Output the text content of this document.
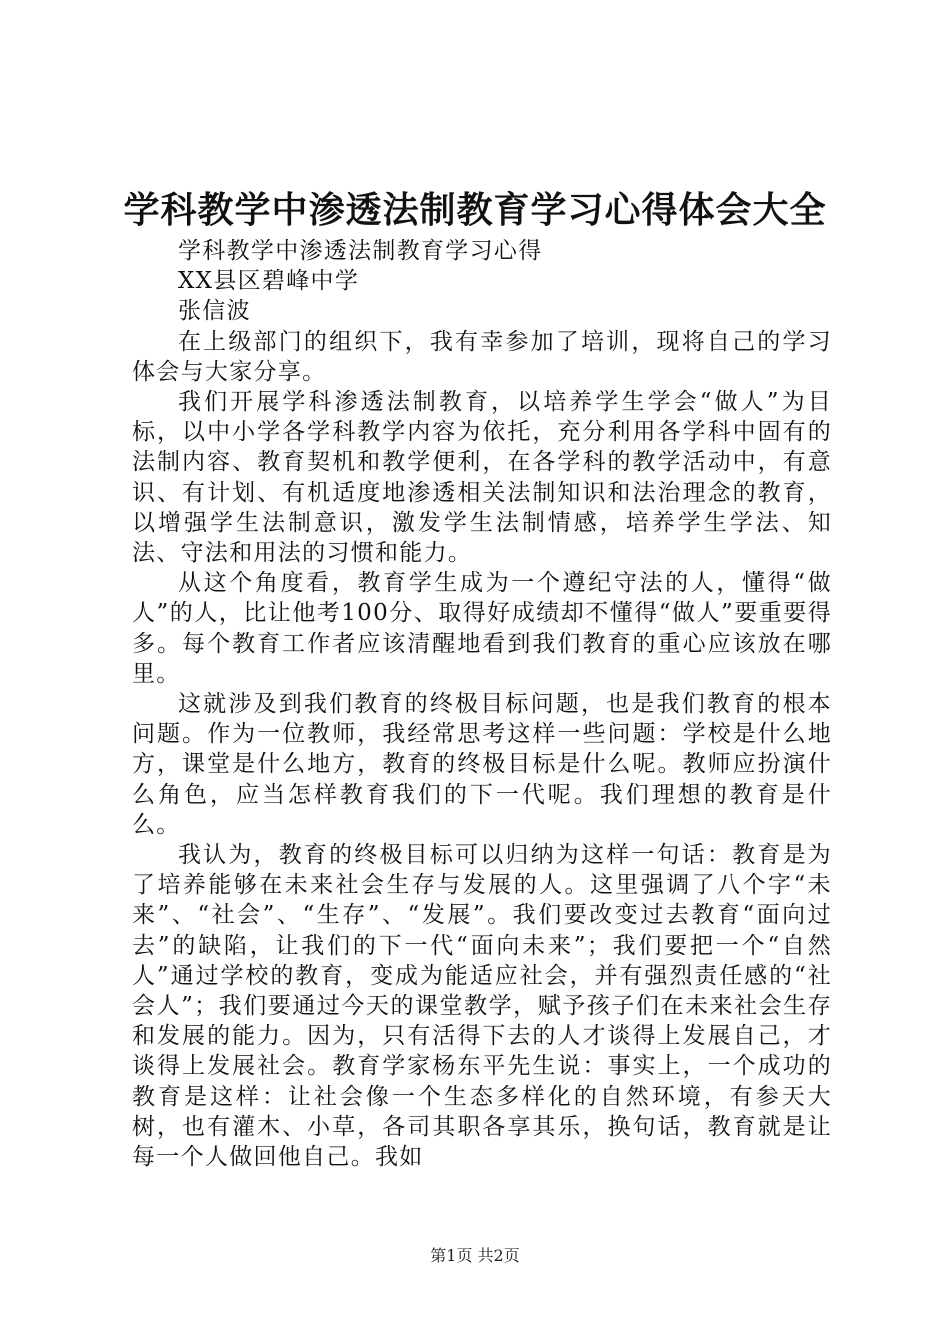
学科教学中渗透法制教育学习心得体会大全

学科教学中渗透法制教育学习心得

XX县区碧峰中学

张信波

在上级部门的组织下，我有幸参加了培训，现将自己的学习体会与大家分享。

我们开展学科渗透法制教育，以培养学生学会“做人”为目标，以中小学各学科教学内容为依托，充分利用各学科中固有的法制内容、教育契机和教学便利，在各学科的教学活动中，有意识、有计划、有机适度地渗透相关法制知识和法治理念的教育，以增强学生法制意识，激发学生法制情感，培养学生学法、知法、守法和用法的习惯和能力。

从这个角度看，教育学生成为一个遵纪守法的人，懂得“做人”的人，比让他考100分、取得好成绩却不懂得“做人”要重要得多。每个教育工作者应该清醒地看到我们教育的重心应该放在哪里。

这就涉及到我们教育的终极目标问题，也是我们教育的根本问题。作为一位教师，我经常思考这样一些问题：学校是什么地方，课堂是什么地方，教育的终极目标是什么呢。教师应扮演什么角色，应当怎样教育我们的下一代呢。我们理想的教育是什么。

我认为，教育的终极目标可以归纳为这样一句话：教育是为了培养能够在未来社会生存与发展的人。这里强调了八个字“未来”、“社会”、“生存”、“发展”。我们要改变过去教育“面向过去”的缺陷，让我们的下一代“面向未来”；我们要把一个“自然人”通过学校的教育，变成为能适应社会，并有强烈责任感的“社会人”；我们要通过今天的课堂教学，赋予孩子们在未来社会生存和发展的能力。因为，只有活得下去的人才谈得上发展自己，才谈得上发展社会。教育学家杨东平先生说：事实上，一个成功的教育是这样：让社会像一个生态多样化的自然环境，有参天大树，也有灌木、小草，各司其职各享其乐，换句话，教育就是让每一个人做回他自己。我如

第1页 共2页
